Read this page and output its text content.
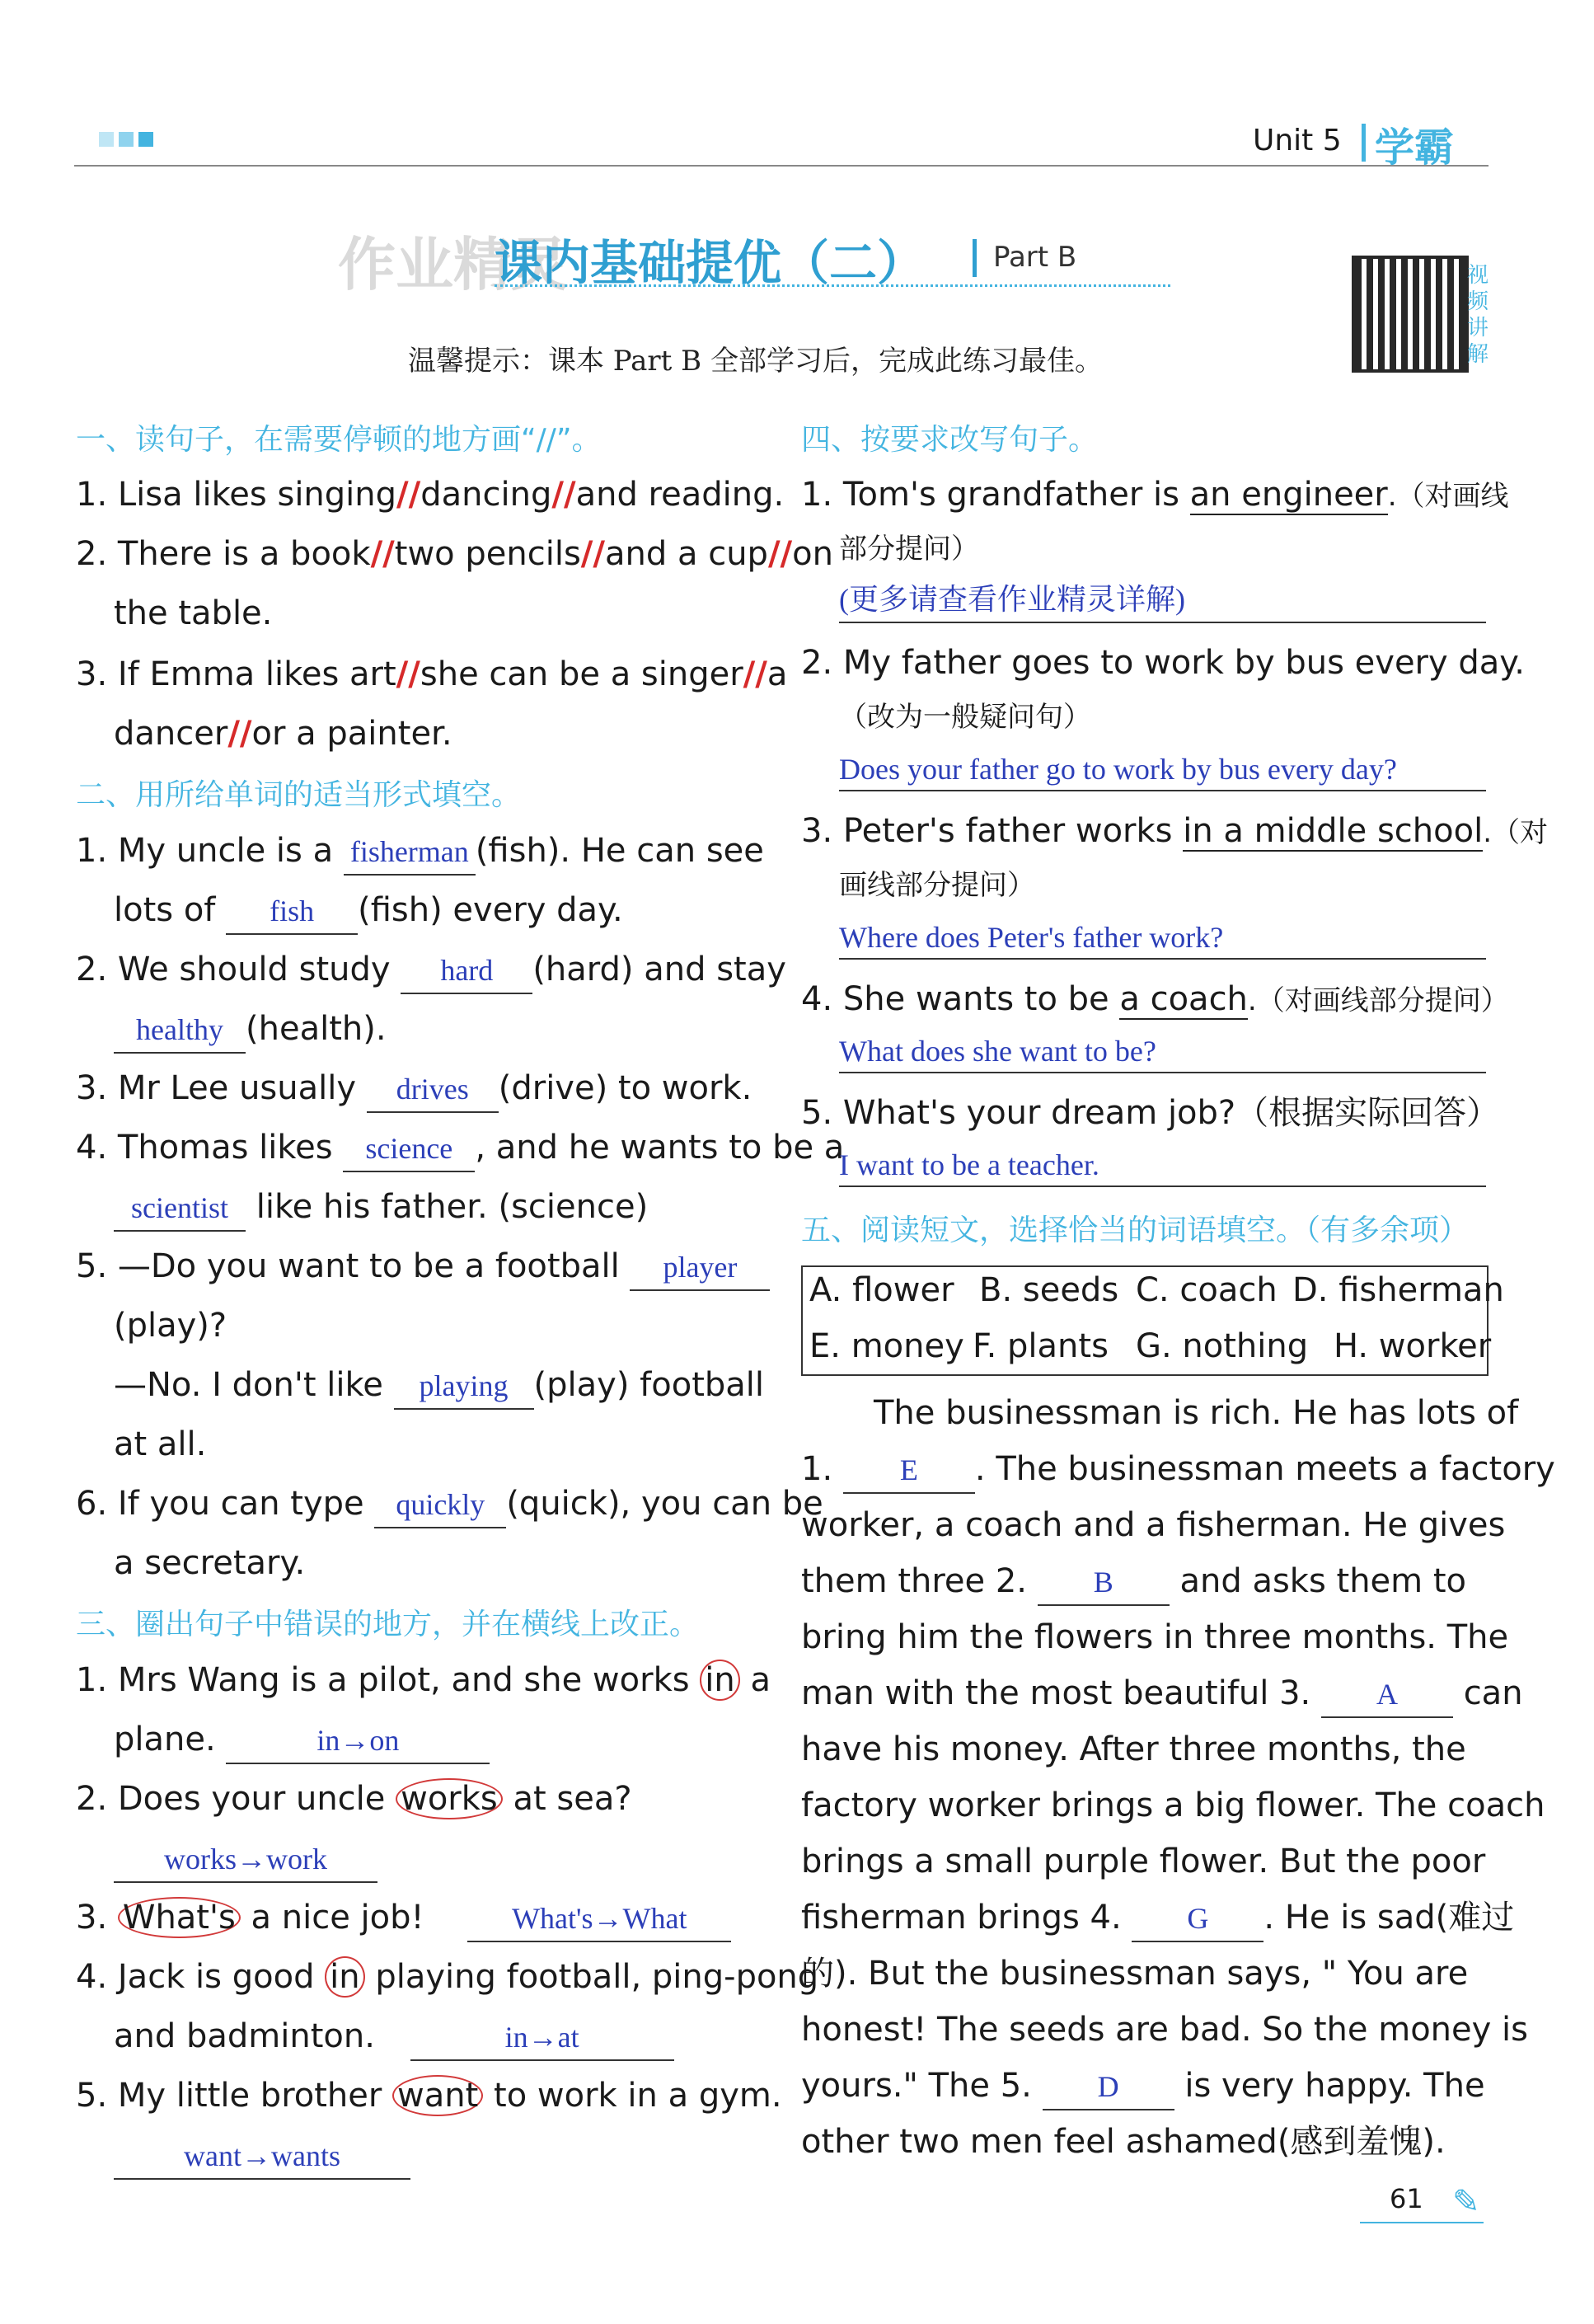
Unit 5 学霸
作业精灵
课内基础提优（二） Part B
视频讲解
温馨提示：课本 Part B 全部学习后，完成此练习最佳。
一、读句子，在需要停顿的地方画“//”。
1. Lisa likes singing//dancing//and reading.
2. There is a book//two pencils//and a cup//on
the table.
3. If Emma likes art//she can be a singer//a
dancer//or a painter.
二、用所给单词的适当形式填空。
1. My uncle is a fisherman (fish). He can see
lots of fish (fish) every day.
2. We should study hard (hard) and stay
healthy (health).
3. Mr Lee usually drives (drive) to work.
4. Thomas likes science , and he wants to be a
scientist like his father. (science)
5. —Do you want to be a football player
(play)?
—No. I don't like playing (play) football
at all.
6. If you can type quickly (quick), you can be
a secretary.
三、圈出句子中错误的地方，并在横线上改正。
1. Mrs Wang is a pilot, and she works in a
plane.	in→on
2. Does your uncle works at sea?
works→work
3. What's a nice job!	What's→What
4. Jack is good in playing football, ping-pong
and badminton.	in→at
5. My little brother want to work in a gym.
want→wants
四、按要求改写句子。
1. Tom's grandfather is an engineer.（对画线
部分提问）
(更多请查看作业精灵详解)
2. My father goes to work by bus every day.
（改为一般疑问句）
Does your father go to work by bus every day?
3. Peter's father works in a middle school.（对
画线部分提问）
Where does Peter's father work?
4. She wants to be a coach.（对画线部分提问）
What does she want to be?
5. What's your dream job?（根据实际回答）
I want to be a teacher.
五、阅读短文，选择恰当的词语填空。（有多余项）
A. flower B. seeds C. coach D. fisherman
E. money F. plants G. nothing H. worker
The businessman is rich. He has lots of
1. E . The businessman meets a factory
worker, a coach and a fisherman. He gives
them three 2. B and asks them to
bring him the flowers in three months. The
man with the most beautiful 3. A can
have his money. After three months, the
factory worker brings a big flower. The coach
brings a small purple flower. But the poor
fisherman brings 4. G . He is sad(难过
的). But the businessman says, " You are
honest! The seeds are bad. So the money is
yours." The 5. D is very happy. The
other two men feel ashamed(感到羞愧).
61 ✎
